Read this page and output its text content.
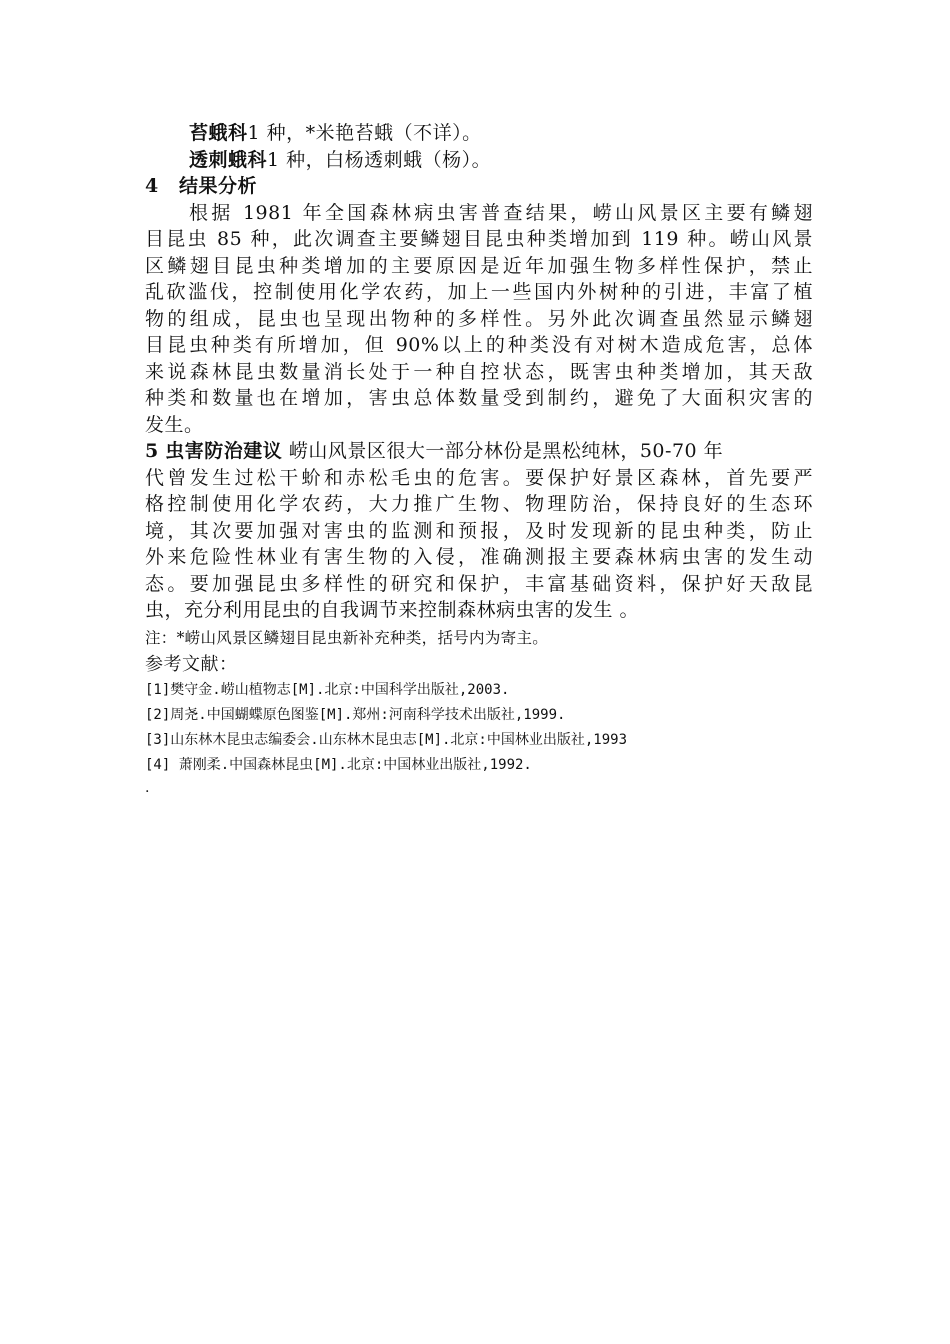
苔蛾科1 种，*米艳苔蛾（不详）。
透刺蛾科1 种，白杨透刺蛾（杨）。
4 结果分析
根据 1981 年全国森林病虫害普查结果，崂山风景区主要有鳞翅
目昆虫 85 种，此次调查主要鳞翅目昆虫种类增加到 119 种。崂山风景
区鳞翅目昆虫种类增加的主要原因是近年加强生物多样性保护，禁止
乱砍滥伐，控制使用化学农药，加上一些国内外树种的引进，丰富了植
物的组成，昆虫也呈现出物种的多样性。另外此次调查虽然显示鳞翅
目昆虫种类有所增加，但 90%以上的种类没有对树木造成危害，总体
来说森林昆虫数量消长处于一种自控状态，既害虫种类增加，其天敌
种类和数量也在增加，害虫总体数量受到制约，避免了大面积灾害的
发生。
5 虫害防治建议 崂山风景区很大一部分林份是黑松纯林，50-70 年
代曾发生过松干蚧和赤松毛虫的危害。要保护好景区森林，首先要严
格控制使用化学农药，大力推广生物、物理防治，保持良好的生态环
境，其次要加强对害虫的监测和预报，及时发现新的昆虫种类，防止
外来危险性林业有害生物的入侵，准确测报主要森林病虫害的发生动
态。要加强昆虫多样性的研究和保护，丰富基础资料，保护好天敌昆
虫，充分利用昆虫的自我调节来控制森林病虫害的发生 。
注：*崂山风景区鳞翅目昆虫新补充种类，括号内为寄主。
参考文献：
[1]樊守金.崂山植物志[M].北京:中国科学出版社,2003.
[2]周尧.中国蝴蝶原色图鉴[M].郑州:河南科学技术出版社,1999.
[3]山东林木昆虫志编委会.山东林木昆虫志[M].北京:中国林业出版社,1993
[4] 萧刚柔.中国森林昆虫[M].北京:中国林业出版社,1992.
.
